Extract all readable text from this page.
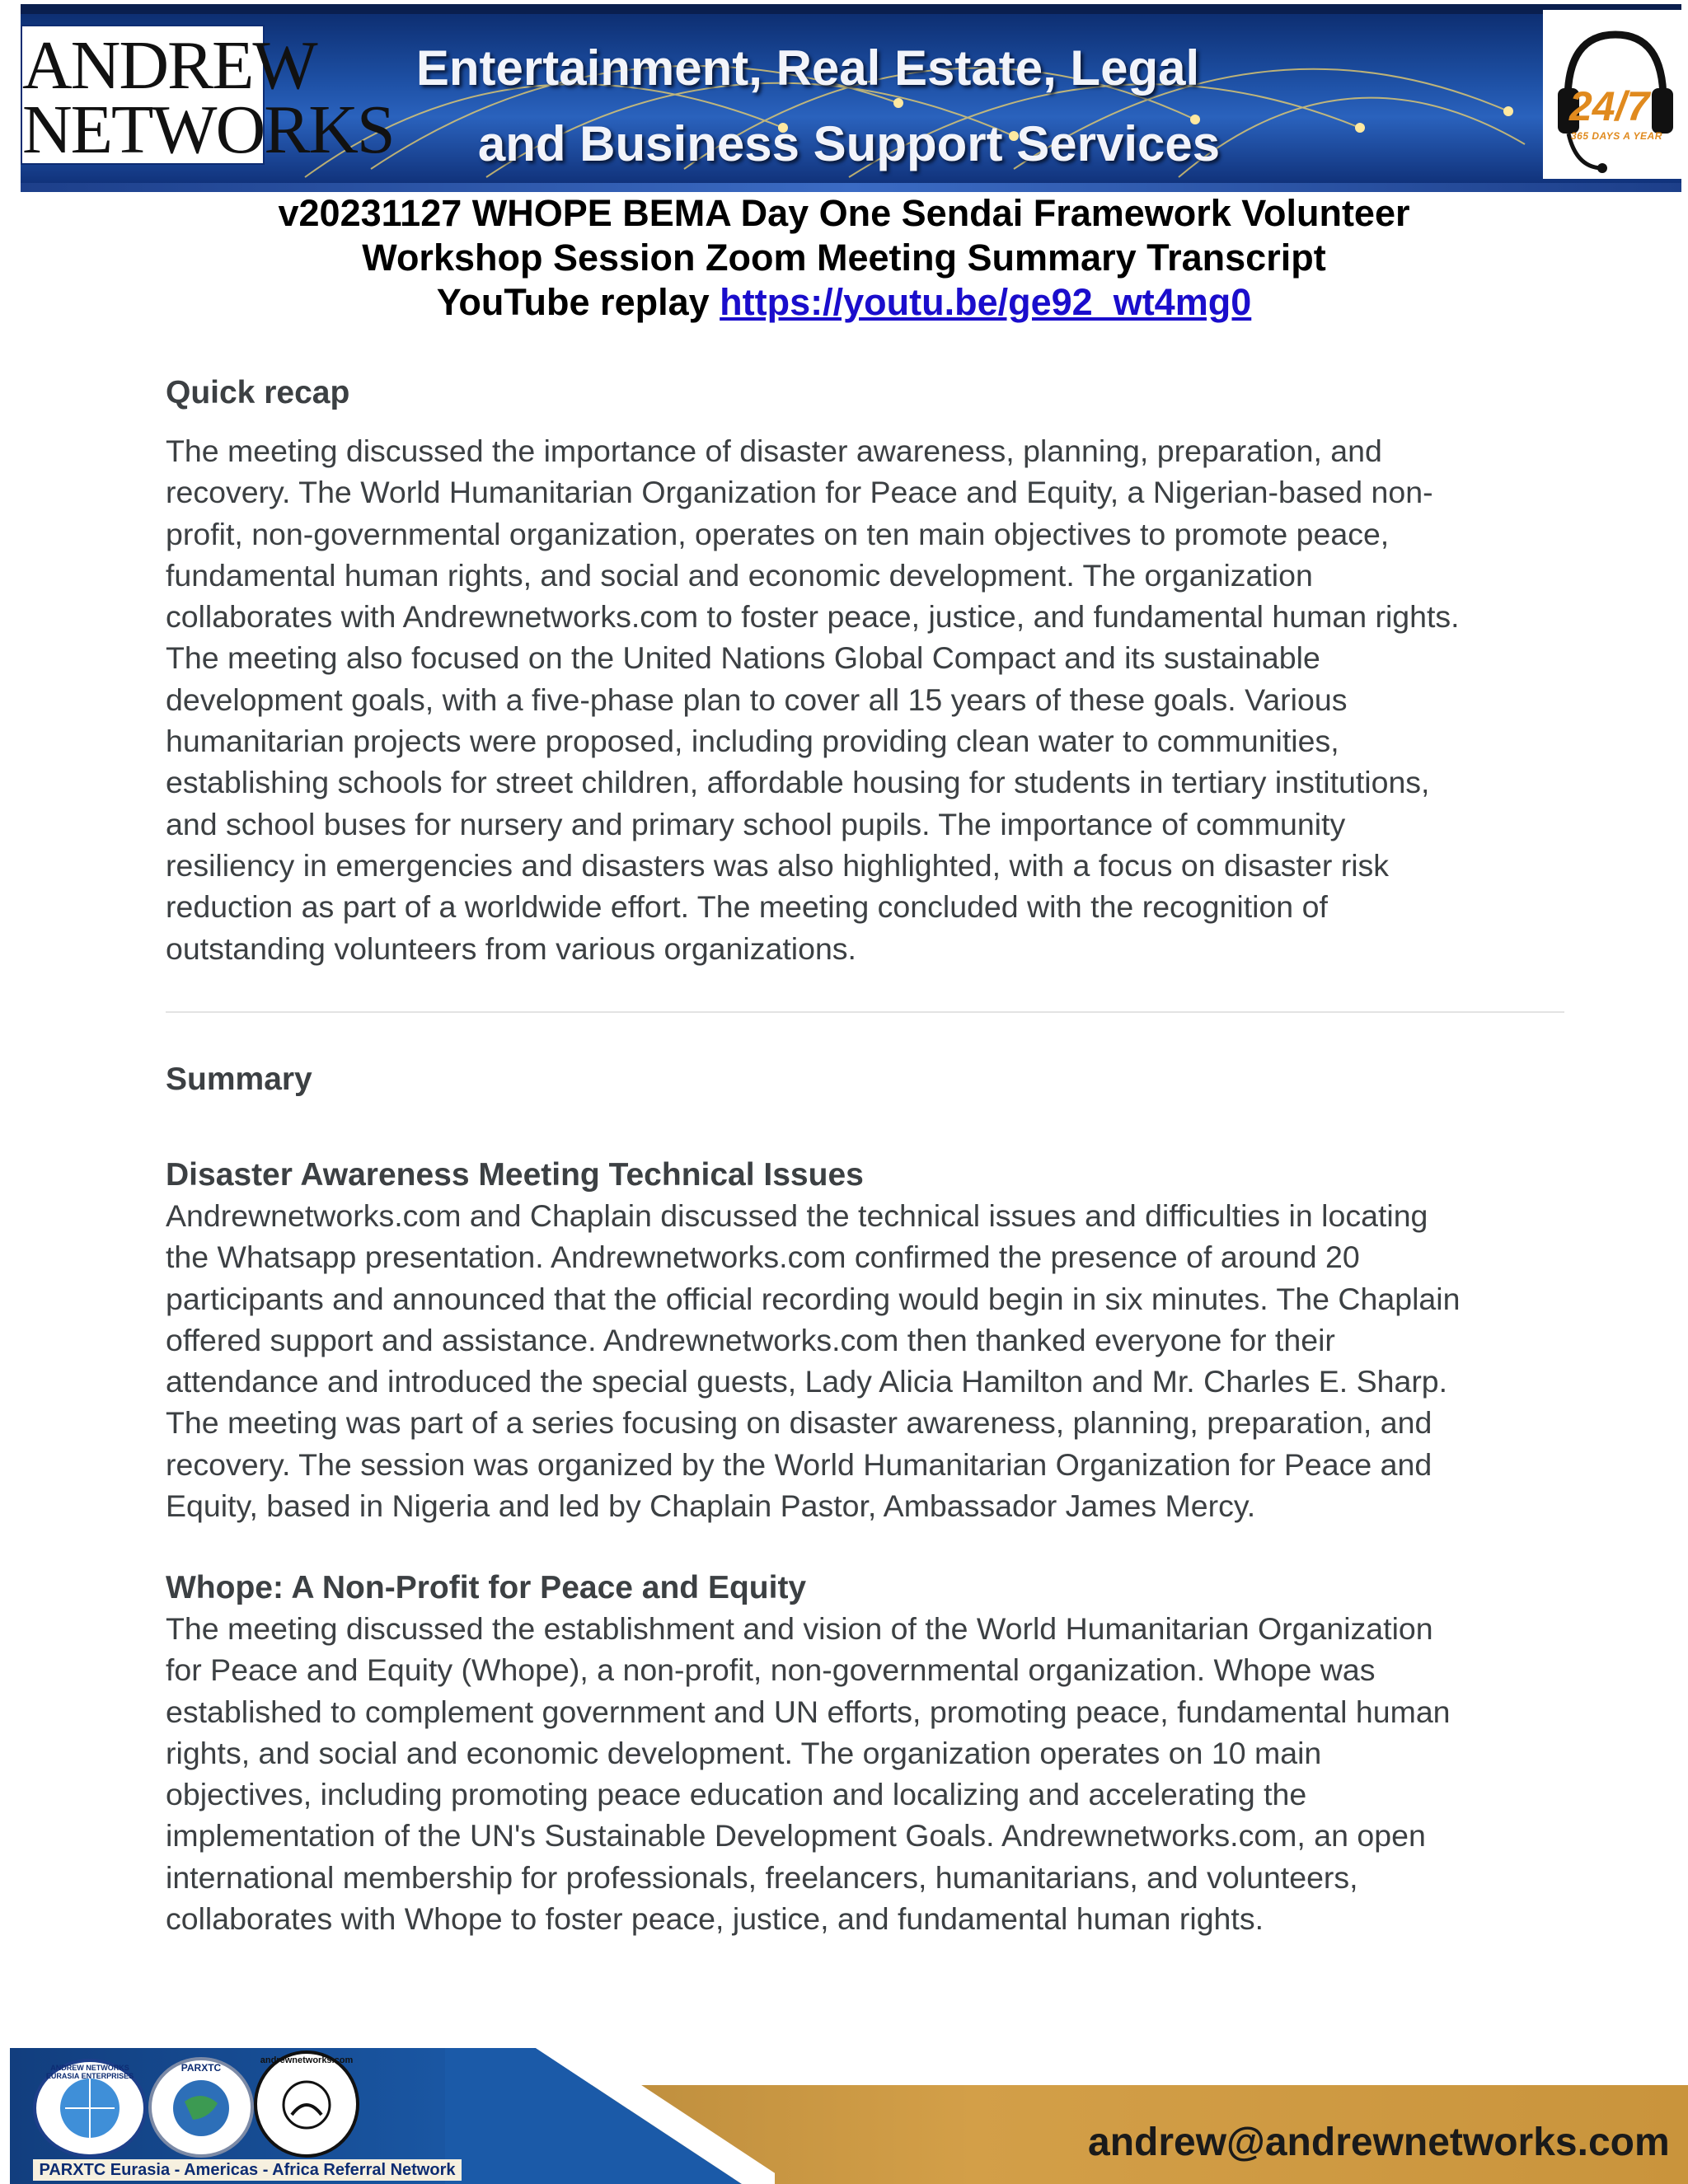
ANDREW
NETWORKS
Entertainment, Real Estate, Legal
and Business Support Services
24/7
365 DAYS A YEAR
v20231127 WHOPE BEMA Day One Sendai Framework Volunteer
Workshop Session Zoom Meeting Summary Transcript
YouTube replay https://youtu.be/ge92_wt4mg0
Quick recap
The meeting discussed the importance of disaster awareness, planning, preparation, and
recovery. The World Humanitarian Organization for Peace and Equity, a Nigerian-based non-
profit, non-governmental organization, operates on ten main objectives to promote peace,
fundamental human rights, and social and economic development. The organization
collaborates with Andrewnetworks.com to foster peace, justice, and fundamental human rights.
The meeting also focused on the United Nations Global Compact and its sustainable
development goals, with a five-phase plan to cover all 15 years of these goals. Various
humanitarian projects were proposed, including providing clean water to communities,
establishing schools for street children, affordable housing for students in tertiary institutions,
and school buses for nursery and primary school pupils. The importance of community
resiliency in emergencies and disasters was also highlighted, with a focus on disaster risk
reduction as part of a worldwide effort. The meeting concluded with the recognition of
outstanding volunteers from various organizations.
Summary
Disaster Awareness Meeting Technical Issues
Andrewnetworks.com and Chaplain discussed the technical issues and difficulties in locating
the Whatsapp presentation. Andrewnetworks.com confirmed the presence of around 20
participants and announced that the official recording would begin in six minutes. The Chaplain
offered support and assistance. Andrewnetworks.com then thanked everyone for their
attendance and introduced the special guests, Lady Alicia Hamilton and Mr. Charles E. Sharp.
The meeting was part of a series focusing on disaster awareness, planning, preparation, and
recovery. The session was organized by the World Humanitarian Organization for Peace and
Equity, based in Nigeria and led by Chaplain Pastor, Ambassador James Mercy.
Whope: A Non-Profit for Peace and Equity
The meeting discussed the establishment and vision of the World Humanitarian Organization
for Peace and Equity (Whope), a non-profit, non-governmental organization. Whope was
established to complement government and UN efforts, promoting peace, fundamental human
rights, and social and economic development. The organization operates on 10 main
objectives, including promoting peace education and localizing and accelerating the
implementation of the UN's Sustainable Development Goals. Andrewnetworks.com, an open
international membership for professionals, freelancers, humanitarians, and volunteers,
collaborates with Whope to foster peace, justice, and fundamental human rights.
ANDREW NETWORKS EURASIA ENTERPRISES
PARXTC
andrewnetworks.com
PARXTC Eurasia - Americas - Africa Referral Network
andrew@andrewnetworks.com
